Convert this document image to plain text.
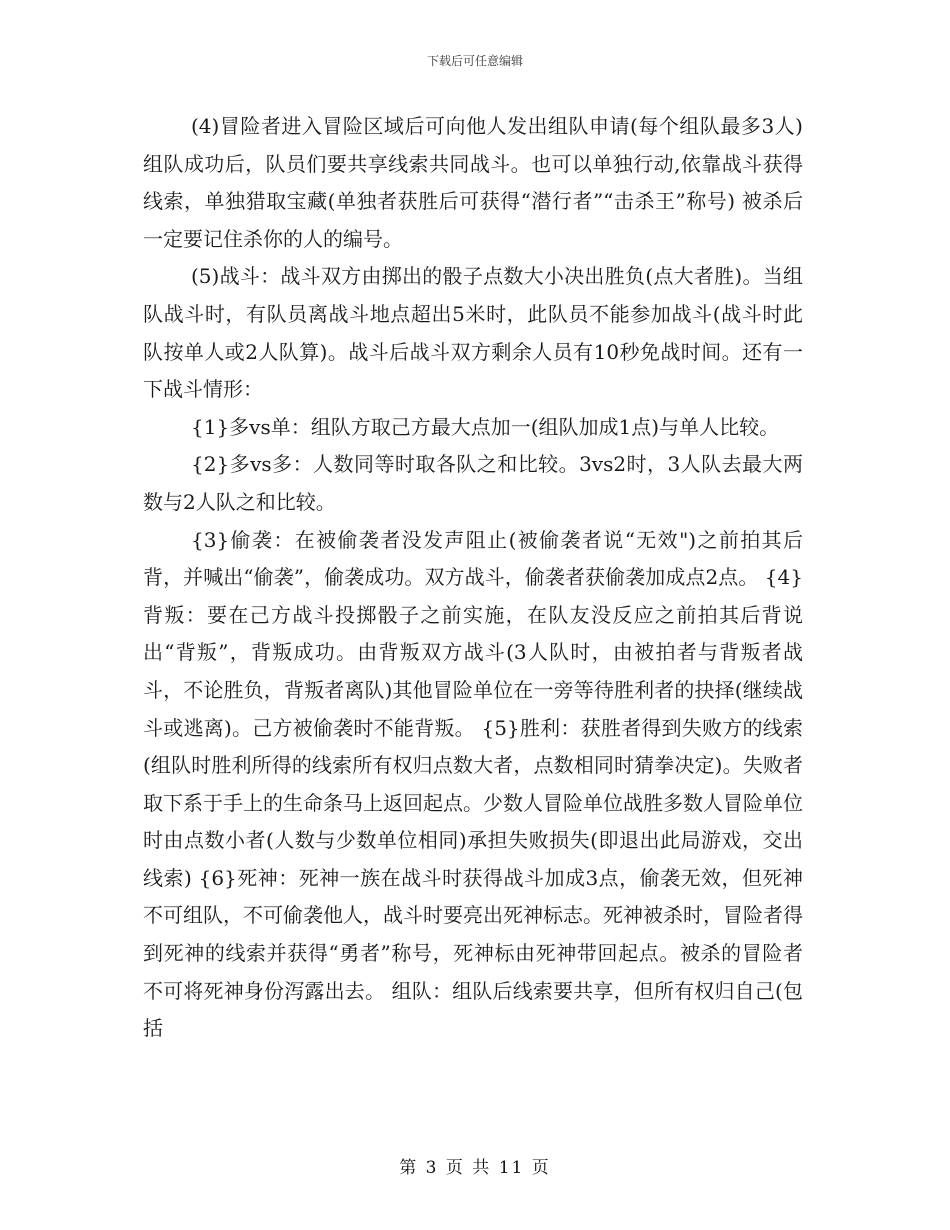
下载后可任意编辑

(4)冒险者进入冒险区域后可向他人发出组队申请(每个组队最多3人)组队成功后，队员们要共享线索共同战斗。也可以单独行动,依靠战斗获得线索，单独猎取宝藏(单独者获胜后可获得“潜行者”“击杀王”称号) 被杀后一定要记住杀你的人的编号。

(5)战斗：战斗双方由掷出的骰子点数大小决出胜负(点大者胜)。当组队战斗时，有队员离战斗地点超出5米时，此队员不能参加战斗(战斗时此队按单人或2人队算)。战斗后战斗双方剩余人员有10秒免战时间。还有一下战斗情形：

{1}多vs单：组队方取己方最大点加一(组队加成1点)与单人比较。

{2}多vs多：人数同等时取各队之和比较。3vs2时，3人队去最大两数与2人队之和比较。

{3}偷袭：在被偷袭者没发声阻止(被偷袭者说“无效")之前拍其后背，并喊出“偷袭”，偷袭成功。双方战斗，偷袭者获偷袭加成点2点。 {4}背叛：要在己方战斗投掷骰子之前实施，在队友没反应之前拍其后背说出“背叛”，背叛成功。由背叛双方战斗(3人队时，由被拍者与背叛者战斗，不论胜负，背叛者离队)其他冒险单位在一旁等待胜利者的抉择(继续战斗或逃离)。己方被偷袭时不能背叛。 {5}胜利：获胜者得到失败方的线索(组队时胜利所得的线索所有权归点数大者，点数相同时猜拳决定)。失败者取下系于手上的生命条马上返回起点。少数人冒险单位战胜多数人冒险单位时由点数小者(人数与少数单位相同)承担失败损失(即退出此局游戏，交出线索) {6}死神：死神一族在战斗时获得战斗加成3点，偷袭无效，但死神不可组队，不可偷袭他人，战斗时要亮出死神标志。死神被杀时，冒险者得到死神的线索并获得“勇者”称号，死神标由死神带回起点。被杀的冒险者不可将死神身份泻露出去。 组队：组队后线索要共享，但所有权归自己(包括

第 3 页 共 11 页
